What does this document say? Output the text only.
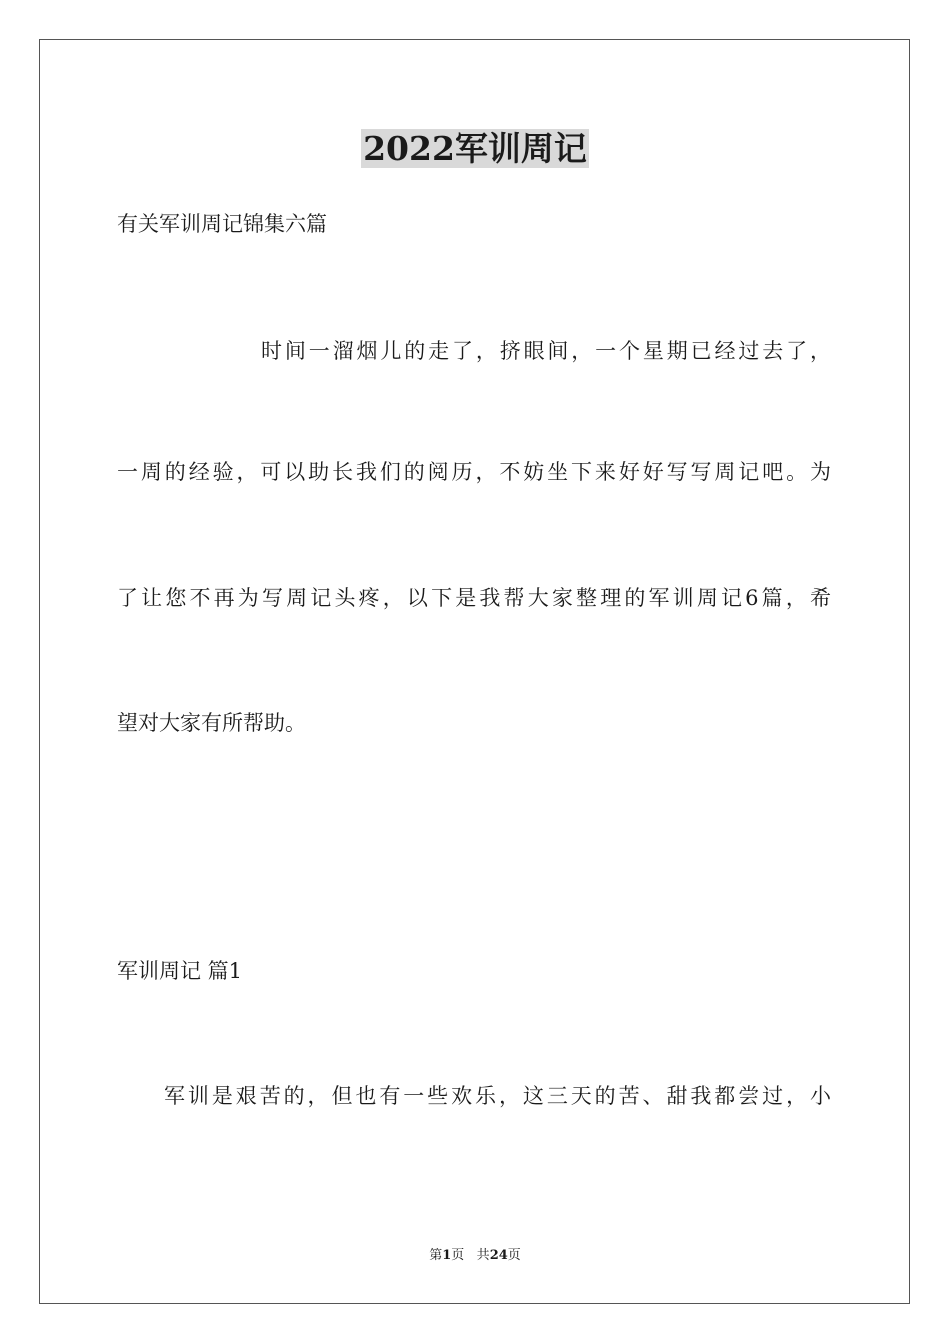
2022军训周记
有关军训周记锦集六篇
时间一溜烟儿的走了，挤眼间，一个星期已经过去了，
一周的经验，可以助长我们的阅历，不妨坐下来好好写写周记吧。为
了让您不再为写周记头疼，以下是我帮大家整理的军训周记6篇，希
望对大家有所帮助。
军训周记 篇1
军训是艰苦的，但也有一些欢乐，这三天的苦、甜我都尝过，小
第1页 共24页
